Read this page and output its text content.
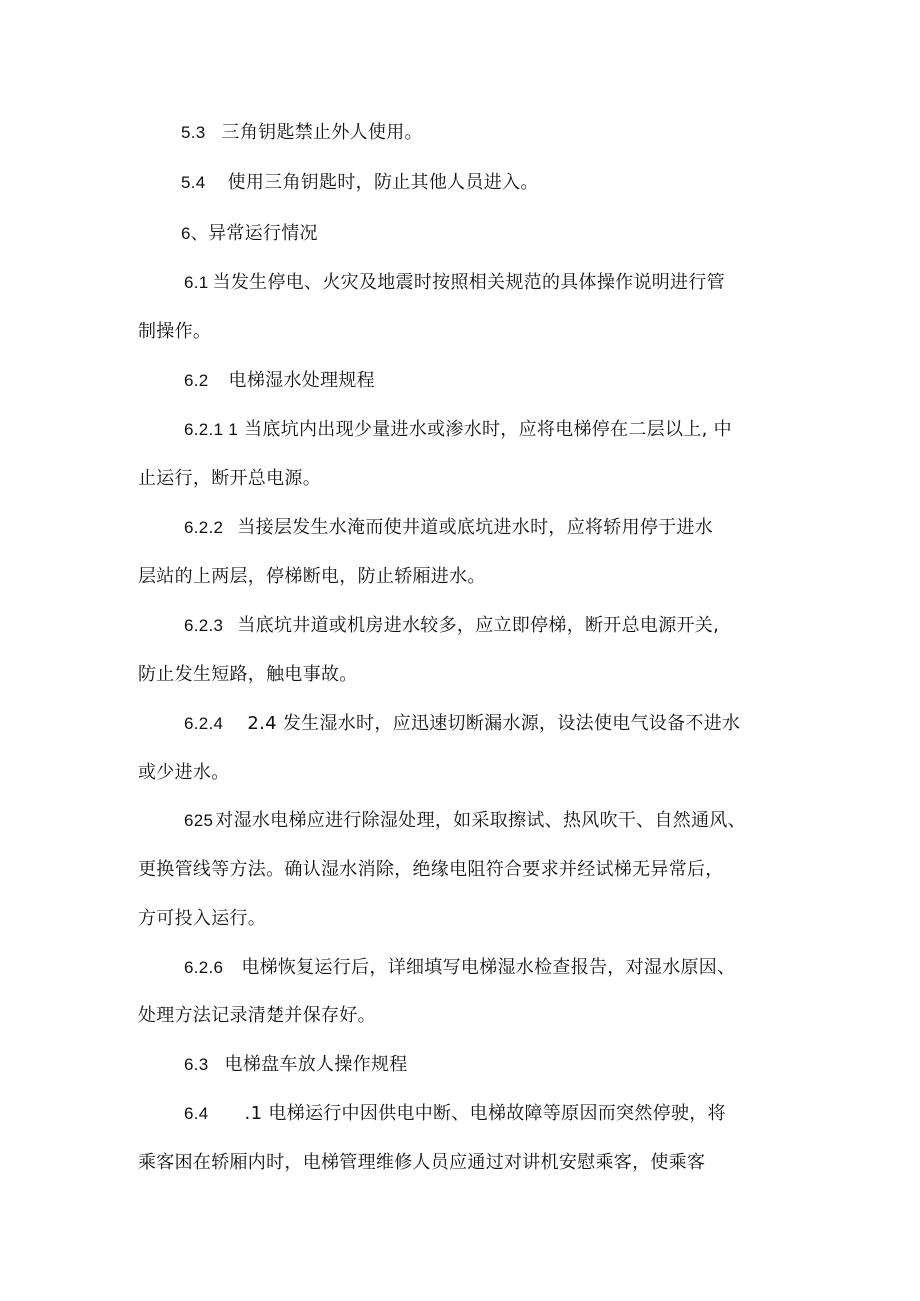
5.3 三角钥匙禁止外人使用。
5.4 使用三角钥匙时，防止其他人员进入。
6、异常运行情况
6.1 当发生停电、火灾及地震时按照相关规范的具体操作说明进行管
制操作。
6.2 电梯湿水处理规程
6.2.1 1 当底坑内出现少量进水或渗水时，应将电梯停在二层以上, 中
止运行，断开总电源。
6.2.2 当接层发生水淹而使井道或底坑进水时，应将轿用停于进水
层站的上两层，停梯断电，防止轿厢进水。
6.2.3 当底坑井道或机房进水较多，应立即停梯，断开总电源开关,
防止发生短路，触电事故。
6.2.4 2.4 发生湿水时，应迅速切断漏水源，设法使电气设备不进水
或少进水。
625 对湿水电梯应进行除湿处理，如采取擦试、热风吹干、自然通风、
更换管线等方法。确认湿水消除，绝缘电阻符合要求并经试梯无异常后，
方可投入运行。
6.2.6 电梯恢复运行后，详细填写电梯湿水检查报告，对湿水原因、
处理方法记录清楚并保存好。
6.3 电梯盘车放人操作规程
6.4 .1 电梯运行中因供电中断、电梯故障等原因而突然停驶，将
乘客困在轿厢内时，电梯管理维修人员应通过对讲机安慰乘客，使乘客
